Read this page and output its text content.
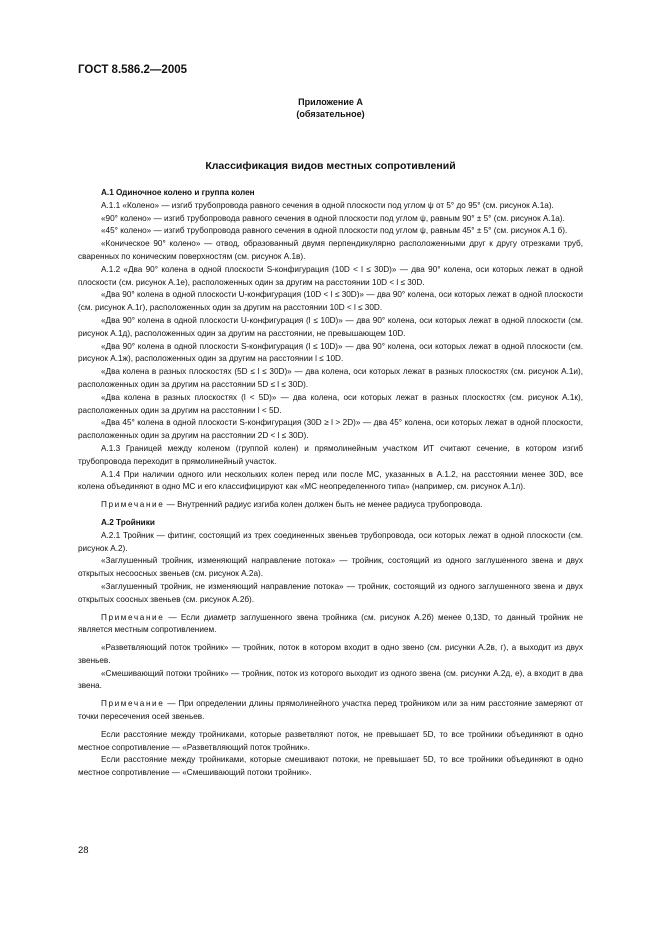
ГОСТ 8.586.2—2005
Приложение А
(обязательное)
Классификация видов местных сопротивлений

А.1 Одиночное колено и группа колен

А.1.1 «Колено» — изгиб трубопровода равного сечения в одной плоскости под углом ψ от 5° до 95° (см. рисунок А.1а).

«90° колено» — изгиб трубопровода равного сечения в одной плоскости под углом ψ, равным 90° ± 5° (см. рисунок А.1а).

«45° колено» — изгиб трубопровода равного сечения в одной плоскости под углом ψ, равным 45° ± 5° (см. рисунок А.1 б).

«Коническое 90° колено» — отвод, образованный двумя перпендикулярно расположенными друг к другу отрезками труб, сваренных по коническим поверхностям (см. рисунок А.1в).

А.1.2 «Два 90° колена в одной плоскости S-конфигурация (10D < l ≤ 30D)» — два 90° колена, оси которых лежат в одной плоскости (см. рисунок А.1е), расположенных один за другим на расстоянии 10D < l ≤ 30D.

«Два 90° колена в одной плоскости U-конфигурация (10D < l ≤ 30D)» — два 90° колена, оси которых лежат в одной плоскости (см. рисунок А.1г), расположенных один за другим на расстоянии 10D < l ≤ 30D.

«Два 90° колена в одной плоскости U-конфигурация (l ≤ 10D)» — два 90° колена, оси которых лежат в одной плоскости (см. рисунок А.1д), расположенных один за другим на расстоянии, не превышающем 10D.

«Два 90° колена в одной плоскости S-конфигурация (l ≤ 10D)» — два 90° колена, оси которых лежат в одной плоскости (см. рисунок А.1ж), расположенных один за другим на расстоянии l ≤ 10D.

«Два колена в разных плоскостях (5D ≤ l ≤ 30D)» — два колена, оси которых лежат в разных плоскостях (см. рисунок А.1и), расположенных один за другим на расстоянии 5D ≤ l ≤ 30D).

«Два колена в разных плоскостях (l < 5D)» — два колена, оси которых лежат в разных плоскостях (см. рисунок А.1к), расположенных один за другим на расстоянии l < 5D.

«Два 45° колена в одной плоскости S-конфигурация (30D ≥ l > 2D)» — два 45° колена, оси которых лежат в одной плоскости, расположенных один за другим на расстоянии 2D < l ≤ 30D).

А.1.3 Границей между коленом (группой колен) и прямолинейным участком ИТ считают сечение, в котором изгиб трубопровода переходит в прямолинейный участок.

А.1.4 При наличии одного или нескольких колен перед или после МС, указанных в А.1.2, на расстоянии менее 30D, все колена объединяют в одно МС и его классифицируют как «МС неопределенного типа» (например, см. рисунок А.1л).

Примечание — Внутренний радиус изгиба колен должен быть не менее радиуса трубопровода.

А.2 Тройники

А.2.1 Тройник — фитинг, состоящий из трех соединенных звеньев трубопровода, оси которых лежат в одной плоскости (см. рисунок А.2).

«Заглушенный тройник, изменяющий направление потока» — тройник, состоящий из одного заглушенного звена и двух открытых несоосных звеньев (см. рисунок А.2а).

«Заглушенный тройник, не изменяющий направление потока» — тройник, состоящий из одного заглушенного звена и двух открытых соосных звеньев (см. рисунок А.2б).

Примечание — Если диаметр заглушенного звена тройника (см. рисунок А.2б) менее 0,13D, то данный тройник не является местным сопротивлением.

«Разветвляющий поток тройник» — тройник, поток в котором входит в одно звено (см. рисунки А.2в, г), а выходит из двух звеньев.

«Смешивающий потоки тройник» — тройник, поток из которого выходит из одного звена (см. рисунки А.2д, е), а входит в два звена.

Примечание — При определении длины прямолинейного участка перед тройником или за ним расстояние замеряют от точки пересечения осей звеньев.

Если расстояние между тройниками, которые разветвляют поток, не превышает 5D, то все тройники объединяют в одно местное сопротивление — «Разветвляющий поток тройник».

Если расстояние между тройниками, которые смешивают потоки, не превышает 5D, то все тройники объединяют в одно местное сопротивление — «Смешивающий потоки тройник».

28
